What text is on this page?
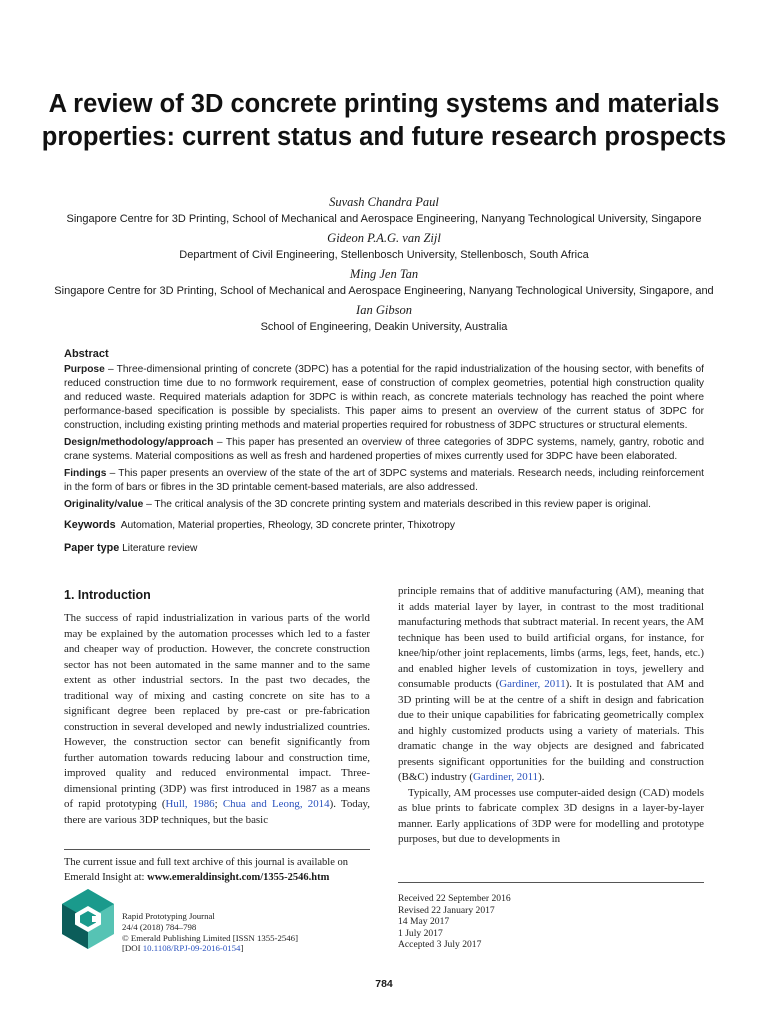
A review of 3D concrete printing systems and materials properties: current status and future research prospects
Suvash Chandra Paul
Singapore Centre for 3D Printing, School of Mechanical and Aerospace Engineering, Nanyang Technological University, Singapore
Gideon P.A.G. van Zijl
Department of Civil Engineering, Stellenbosch University, Stellenbosch, South Africa
Ming Jen Tan
Singapore Centre for 3D Printing, School of Mechanical and Aerospace Engineering, Nanyang Technological University, Singapore, and
Ian Gibson
School of Engineering, Deakin University, Australia

Abstract

Purpose – Three-dimensional printing of concrete (3DPC) has a potential for the rapid industrialization of the housing sector, with benefits of reduced construction time due to no formwork requirement, ease of construction of complex geometries, potential high construction quality and reduced waste. Required materials adaption for 3DPC is within reach, as concrete materials technology has reached the point where performance-based specification is possible by specialists. This paper aims to present an overview of the current status of 3DPC for construction, including existing printing methods and material properties required for robustness of 3DPC structures or structural elements.

Design/methodology/approach – This paper has presented an overview of three categories of 3DPC systems, namely, gantry, robotic and crane systems. Material compositions as well as fresh and hardened properties of mixes currently used for 3DPC have been elaborated.

Findings – This paper presents an overview of the state of the art of 3DPC systems and materials. Research needs, including reinforcement in the form of bars or fibres in the 3D printable cement-based materials, are also addressed.

Originality/value – The critical analysis of the 3D concrete printing system and materials described in this review paper is original.

Keywords Automation, Material properties, Rheology, 3D concrete printer, Thixotropy
Paper type Literature review
1. Introduction

The success of rapid industrialization in various parts of the world may be explained by the automation processes which led to a faster and cheaper way of production. However, the concrete construction sector has not been automated in the same manner and to the same extent as other industrial sectors. In the past two decades, the traditional way of mixing and casting concrete on site has to a significant degree been replaced by pre-cast or pre-fabrication construction in several developed and newly industrialized countries. However, the construction sector can benefit significantly from further automation towards reducing labour and construction time, improved quality and reduced environmental impact. Three-dimensional printing (3DP) was first introduced in 1987 as a means of rapid prototyping (Hull, 1986; Chua and Leong, 2014). Today, there are various 3DP techniques, but the basic

principle remains that of additive manufacturing (AM), meaning that it adds material layer by layer, in contrast to the most traditional manufacturing methods that subtract material. In recent years, the AM technique has been used to build artificial organs, for instance, for knee/hip/other joint replacements, limbs (arms, legs, feet, hands, etc.) and enabled higher levels of customization in toys, jewellery and consumable products (Gardiner, 2011). It is postulated that AM and 3D printing will be at the centre of a shift in design and fabrication due to their unique capabilities for fabricating geometrically complex and highly customized products using a variety of materials. This dramatic change in the way objects are designed and fabricated presents significant opportunities for the building and construction (B&C) industry (Gardiner, 2011).

Typically, AM processes use computer-aided design (CAD) models as blue prints to fabricate complex 3D designs in a layer-by-layer manner. Early applications of 3DP were for modelling and prototype purposes, but due to developments in

The current issue and full text archive of this journal is available on Emerald Insight at: www.emeraldinsight.com/1355-2546.htm
Rapid Prototyping Journal
24/4 (2018) 784–798
© Emerald Publishing Limited [ISSN 1355-2546]
[DOI 10.1108/RPJ-09-2016-0154]
Received 22 September 2016
Revised 22 January 2017
14 May 2017
1 July 2017
Accepted 3 July 2017
784
